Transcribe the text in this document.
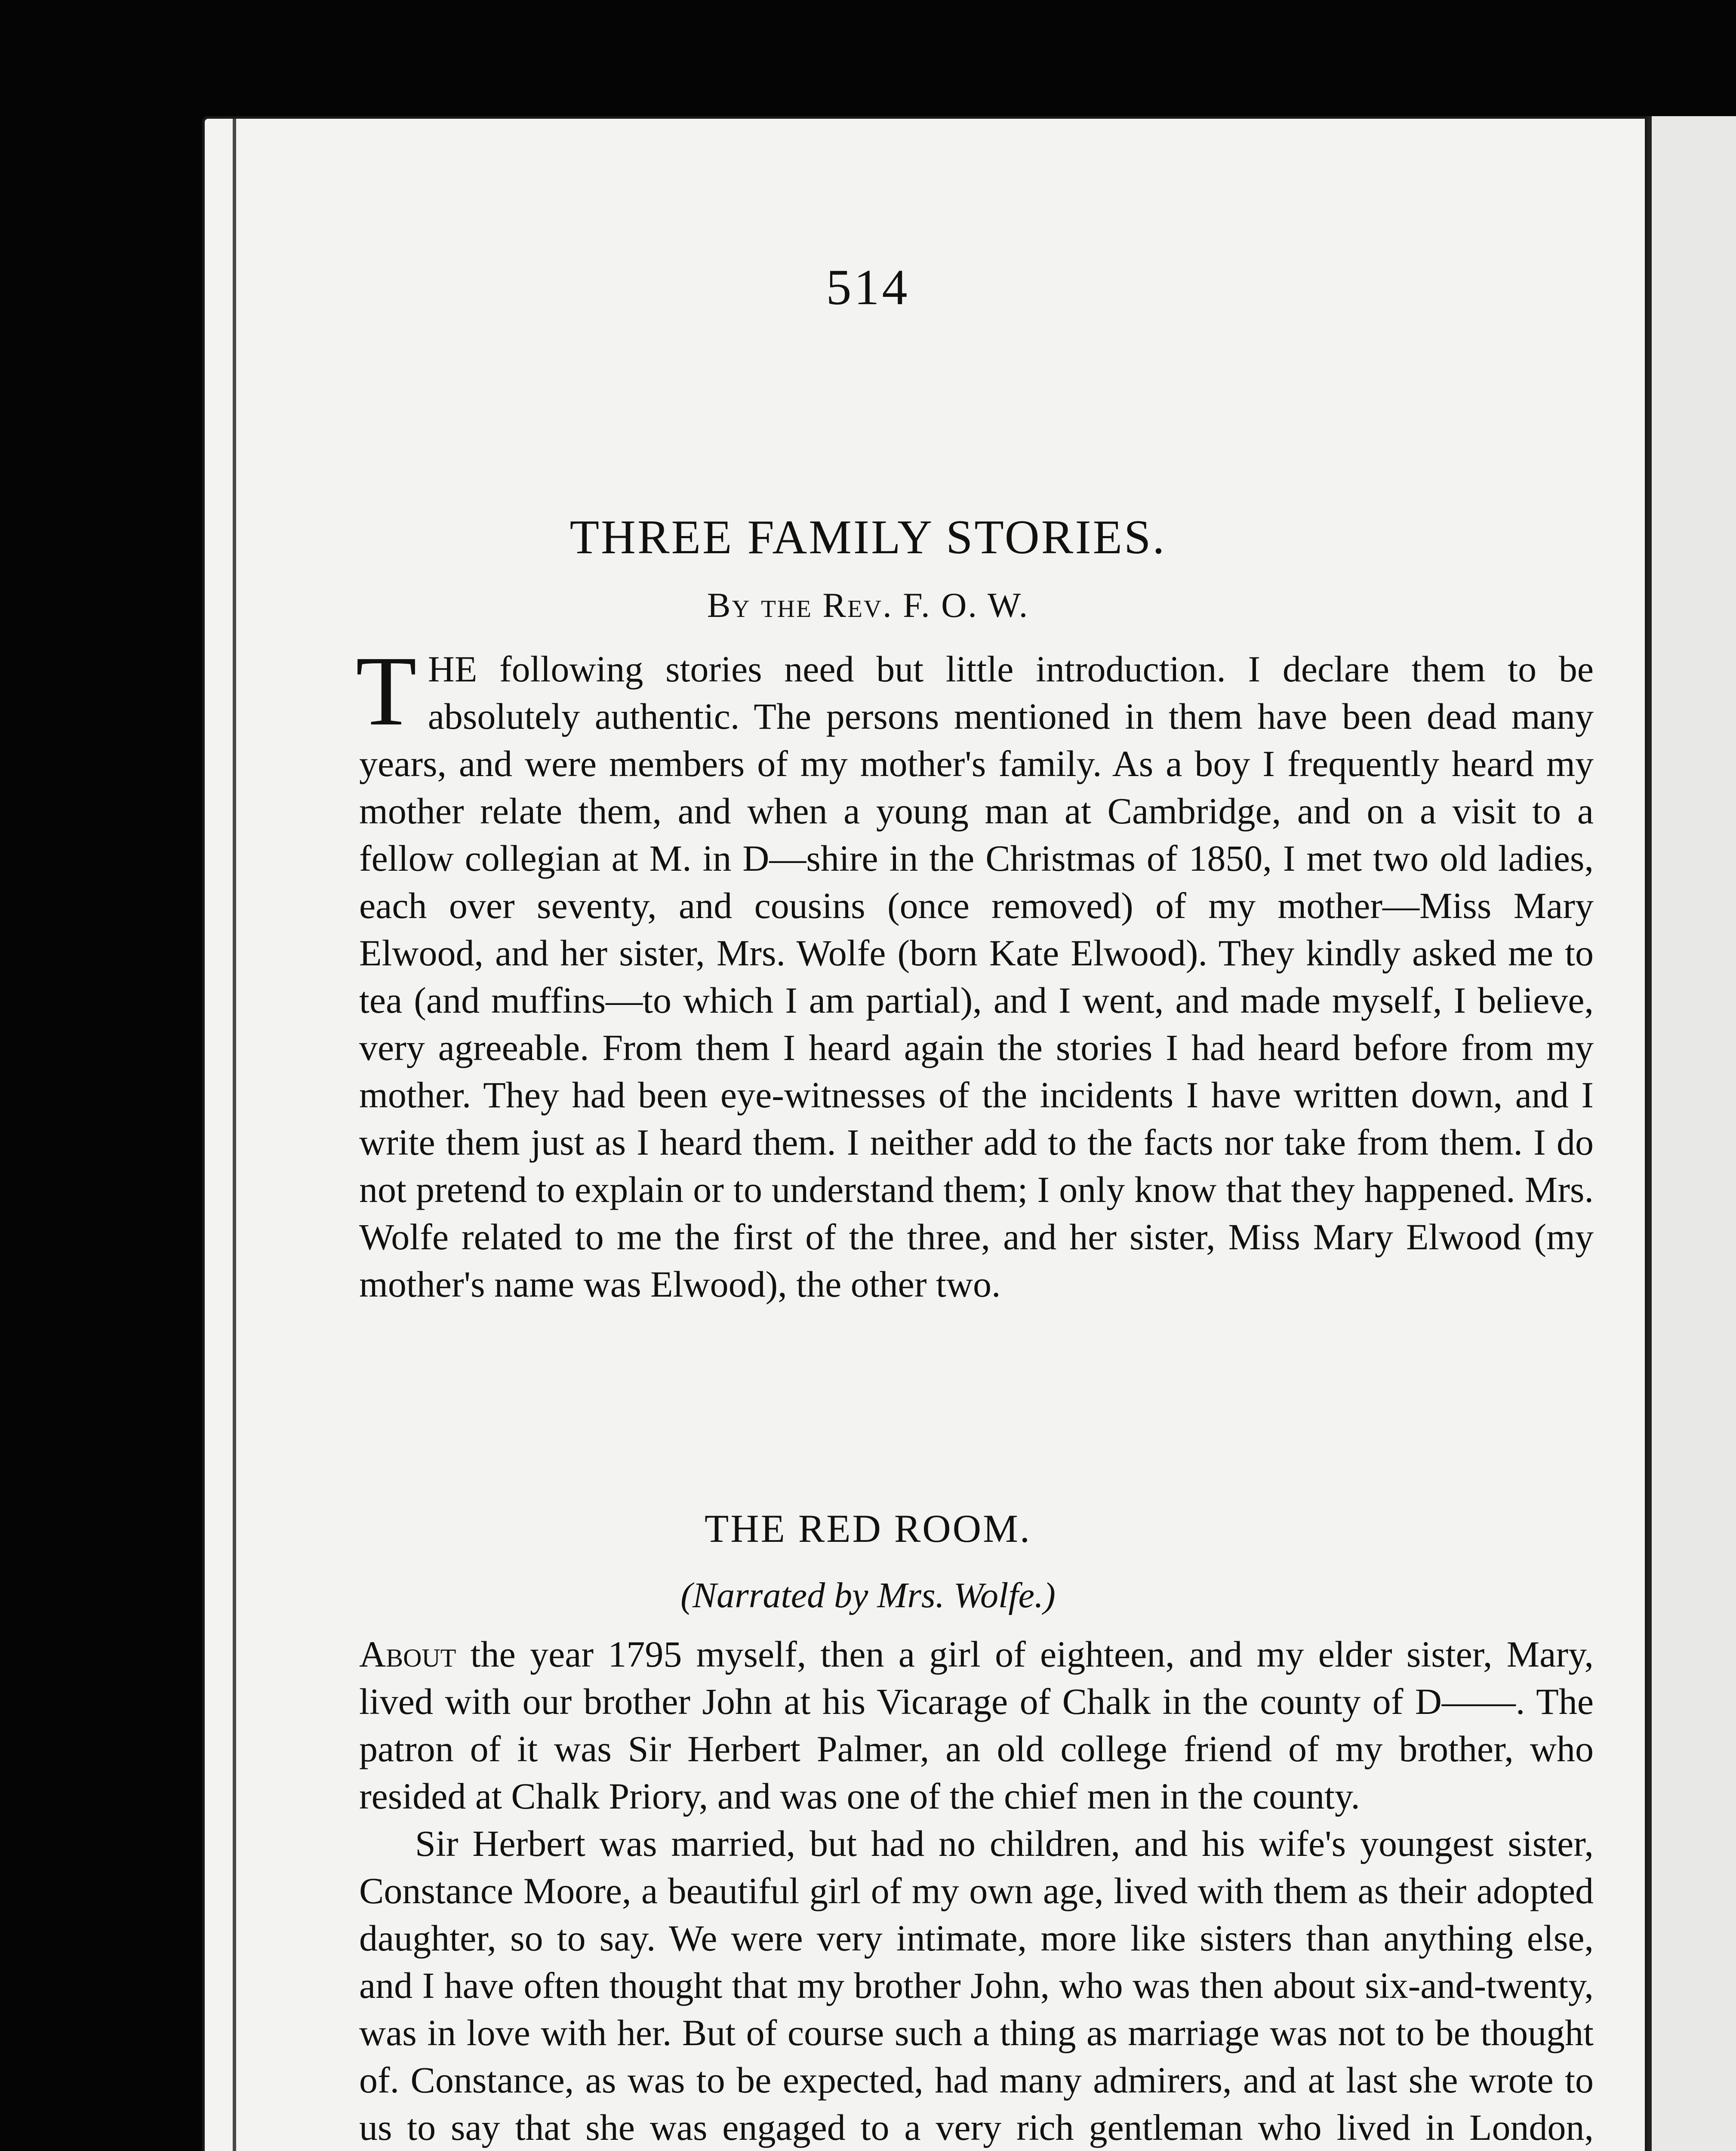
514
THREE FAMILY STORIES.
By the Rev. F. O. W.
T HE following stories need but little introduction. I declare them to be absolutely authentic. The persons mentioned in them have been dead many years, and were members of my mother's family. As a boy I frequently heard my mother relate them, and when a young man at Cambridge, and on a visit to a fellow collegian at M. in D—shire in the Christmas of 1850, I met two old ladies, each over seventy, and cousins (once removed) of my mother—Miss Mary Elwood, and her sister, Mrs. Wolfe (born Kate Elwood). They kindly asked me to tea (and muffins—to which I am partial), and I went, and made myself, I believe, very agreeable. From them I heard again the stories I had heard before from my mother. They had been eye-witnesses of the incidents I have written down, and I write them just as I heard them. I neither add to the facts nor take from them. I do not pretend to explain or to understand them; I only know that they happened. Mrs. Wolfe related to me the first of the three, and her sister, Miss Mary Elwood (my mother's name was Elwood), the other two.
THE RED ROOM.
(Narrated by Mrs. Wolfe.)

About the year 1795 myself, then a girl of eighteen, and my elder sister, Mary, lived with our brother John at his Vicarage of Chalk in the county of D——. The patron of it was Sir Herbert Palmer, an old college friend of my brother, who resided at Chalk Priory, and was one of the chief men in the county.

Sir Herbert was married, but had no children, and his wife's youngest sister, Constance Moore, a beautiful girl of my own age, lived with them as their adopted daughter, so to say. We were very intimate, more like sisters than anything else, and I have often thought that my brother John, who was then about six-and-twenty, was in love with her. But of course such a thing as marriage was not to be thought of. Constance, as was to be expected, had many admirers, and at last she wrote to us to say that she was engaged to a very rich gentleman who lived in London,
